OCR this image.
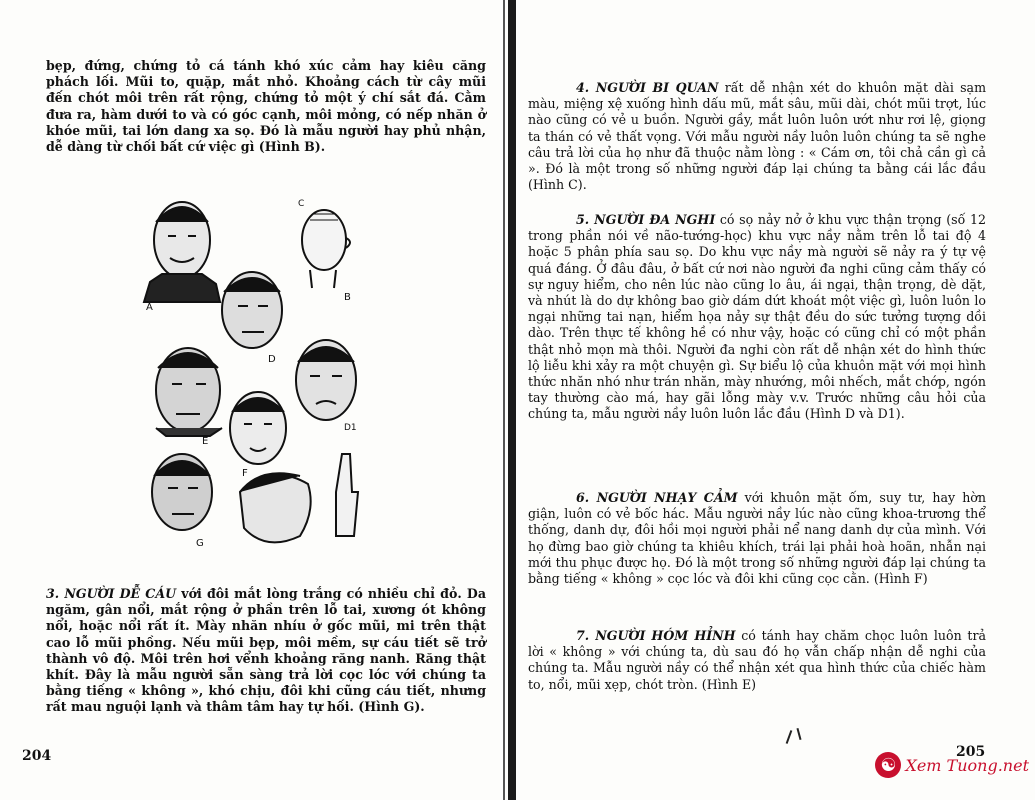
bẹp, đứng, chứng tỏ cá tánh khó xúc cảm hay kiêu căng phách lối. Mũi to, quặp, mắt nhỏ. Khoảng cách từ cây mũi đến chót môi trên rất rộng, chứng tỏ một ý chí sắt đá. Cằm đưa ra, hàm dưới to và có góc cạnh, môi mỏng, có nếp nhăn ở khóe mũi, tai lớn dang xa sọ. Đó là mẫu người hay phủ nhận, dễ dàng từ chối bất cứ việc gì (Hình B).

A
C
B
D
D1
E
F
G

3. NGƯỜI DỄ CÁU với đôi mắt lòng trắng có nhiều chỉ đỏ. Da ngăm, gân nổi, mắt rộng ở phần trên lỗ tai, xương ót không nổi, hoặc nổi rất ít. Mày nhăn nhíu ở gốc mũi, mi trên thật cao lỗ mũi phồng. Nếu mũi bẹp, môi mềm, sự cáu tiết sẽ trở thành vô độ. Môi trên hơi vểnh khoảng răng nanh. Răng thật khít. Đây là mẫu người sẵn sàng trả lời cọc lóc với chúng ta bằng tiếng « không », khó chịu, đôi khi cũng cáu tiết, nhưng rất mau nguội lạnh và thâm tâm hay tự hối. (Hình G).

204

4. NGƯỜI BI QUAN rất dễ nhận xét do khuôn mặt dài sạm màu, miệng xệ xuống hình dấu mũ, mắt sâu, mũi dài, chót mũi trợt, lúc nào cũng có vẻ u buồn. Người gầy, mắt luôn luôn ướt như rơi lệ, giọng ta thán có vẻ thất vọng. Với mẫu người nầy luôn luôn chúng ta sẽ nghe câu trả lời của họ như đã thuộc nằm lòng : « Cám ơn, tôi chả cần gì cả ». Đó là một trong số những người đáp lại chúng ta bằng cái lắc đầu (Hình C).

5. NGƯỜI ĐA NGHI có sọ nảy nở ở khu vực thận trọng (số 12 trong phần nói về não-tướng-học) khu vực nầy nằm trên lỗ tai độ 4 hoặc 5 phân phía sau sọ. Do khu vực nầy mà người sẽ nảy ra ý tự vệ quá đáng. Ở đâu đâu, ở bất cứ nơi nào người đa nghi cũng cảm thấy có sự nguy hiểm, cho nên lúc nào cũng lo âu, ái ngại, thận trọng, dè dặt, và nhút là do dự không bao giờ dám dứt khoát một việc gì, luôn luôn lo ngại những tai nạn, hiểm họa nảy sự thật đều do sức tưởng tượng dồi dào. Trên thực tế không hề có như vậy, hoặc có cũng chỉ có một phần thật nhỏ mọn mà thôi. Người đa nghi còn rất dễ nhận xét do hình thức lộ liễu khi xảy ra một chuyện gì. Sự biểu lộ của khuôn mặt với mọi hình thức nhăn nhó như trán nhăn, mày nhướng, môi nhếch, mắt chớp, ngón tay thường cào má, hay gãi lỗng mày v.v. Trước những câu hỏi của chúng ta, mẫu người nầy luôn luôn lắc đầu (Hình D và D1).

6. NGƯỜI NHẠY CẢM với khuôn mặt ốm, suy tư, hay hờn giận, luôn có vẻ bốc hác. Mẫu người nầy lúc nào cũng khoa-trương thể thống, danh dự, đôi hồi mọi người phải nể nang danh dự của mình. Với họ đừng bao giờ chúng ta khiêu khích, trái lại phải hoà hoãn, nhẫn nại mới thu phục được họ. Đó là một trong số những người đáp lại chúng ta bằng tiếng « không » cọc lóc và đôi khi cũng cọc cằn. (Hình F)

7. NGƯỜI HÓM HỈNH có tánh hay chăm chọc luôn luôn trả lời « không » với chúng ta, dù sau đó họ vẫn chấp nhận dễ nghi của chúng ta. Mẫu người nầy có thể nhận xét qua hình thức của chiếc hàm to, nổi, mũi xẹp, chót tròn. (Hình E)

205
☯ Xem Tuong.net
